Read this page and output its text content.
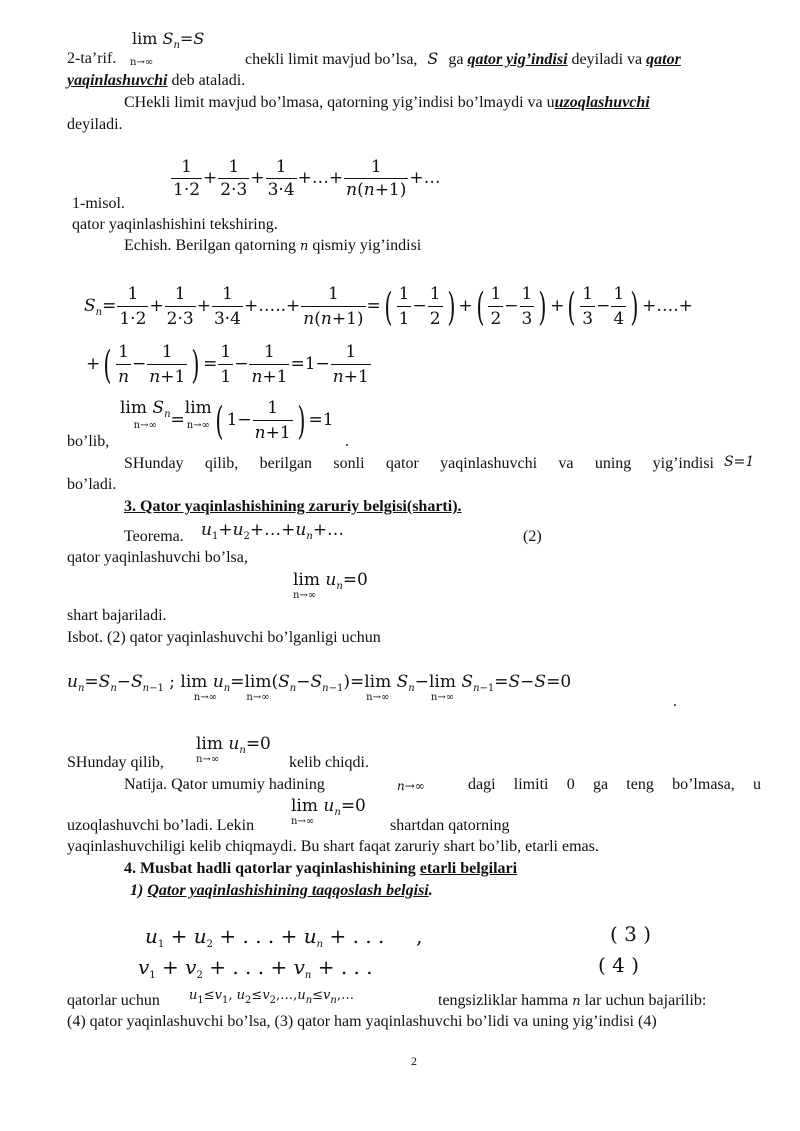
$\lim S_n=S$
2-ta’rif. n→∞	chekli limit mavjud bo’lsa, S ga qator yig’indisi deyiladi va qator
yaqinlashuvchi deb ataladi.
CHekli limit mavjud bo’lmasa, qatorning yig’indisi bo’lmaydi va uuzoqlashuvchi
deyiladi.
$\frac{1}{1\cdot 2} + \frac{1}{2\cdot 3} + \frac{1}{3\cdot 4}$ +…+ $\frac{1}{n(n+1)}$ +…
1-misol.
qator yaqinlashishini tekshiring.
Echish. Berilgan qatorning n qismiy yig’indisi
$S_n= \frac{1}{1\cdot 2} + \frac{1}{2\cdot 3} + \frac{1}{3\cdot 4}$ +…..+ $\frac{1}{n(n+1)}$ =( $\frac{1}{1} - \frac{1}{2}$ ) +( $\frac{1}{2} - \frac{1}{3}$ ) +( $\frac{1}{3} - \frac{1}{4}$ ) +….+
+( $\frac{1}{n} - \frac{1}{n+1}$ ) = $\frac{1}{1} - \frac{1}{n+1} =1- \frac{1}{n+1}$
$\lim S_n$
n→∞ =lim
n→∞ ( $1- \frac{1}{n+1}$ ) =1
bo’lib,	.
SHunday qilib, berilgan sonli qator yaqinlashuvchi va uning yig’indisi S=1
bo’ladi.
3. Qator yaqinlashishining zaruriy belgisi(sharti).
Teorema. $u_1+u_2+\dots+u_n+\dots$	(2)
qator yaqinlashuvchi bo’lsa,
$\lim u_n=0$
n→∞
shart bajariladi.
Isbot. (2) qator yaqinlashuvchi bo’lganligi uchun
$u_n=S_n-S_{n-1}$ ; $\lim u_n$
n→∞
=lim
n→∞
$(S_n-S_{n-1})=\lim$
n→∞
$S_n-\lim$
n→∞
$S_{n-1}=S-S=0$
.
$\lim u_n=0$
n→∞
SHunday qilib,	kelib chiqdi.
Natija. Qator umumiy hadining	n→∞	dagi limiti 0 ga teng bo’lmasa, u
$\lim u_n=0$
n→∞
uzoqlashuvchi bo’ladi. Lekin	shartdan qatorning
yaqinlashuvchiligi kelib chiqmaydi. Bu shart faqat zaruriy shart bo’lib, etarli emas.
4. Musbat hadli qatorlar yaqinlashishining etarli belgilari
1) Qator yaqinlashishining taqqoslash belgisi.
$u_1 + u_2$ + . . . + $u_n$ + . . .     ,	( 3 )
$v_1 + v_2$ + . . . + $v_n$ + . . .	( 4 )
qatorlar uchun $u_1\le v_1$, $u_2\le v_2,\dots,u_n\le v_n,\dots$	tengsizliklar hamma n lar uchun bajarilib:
(4) qator yaqinlashuvchi bo’lsa, (3) qator ham yaqinlashuvchi bo’lidi va uning yig’indisi (4)
2
